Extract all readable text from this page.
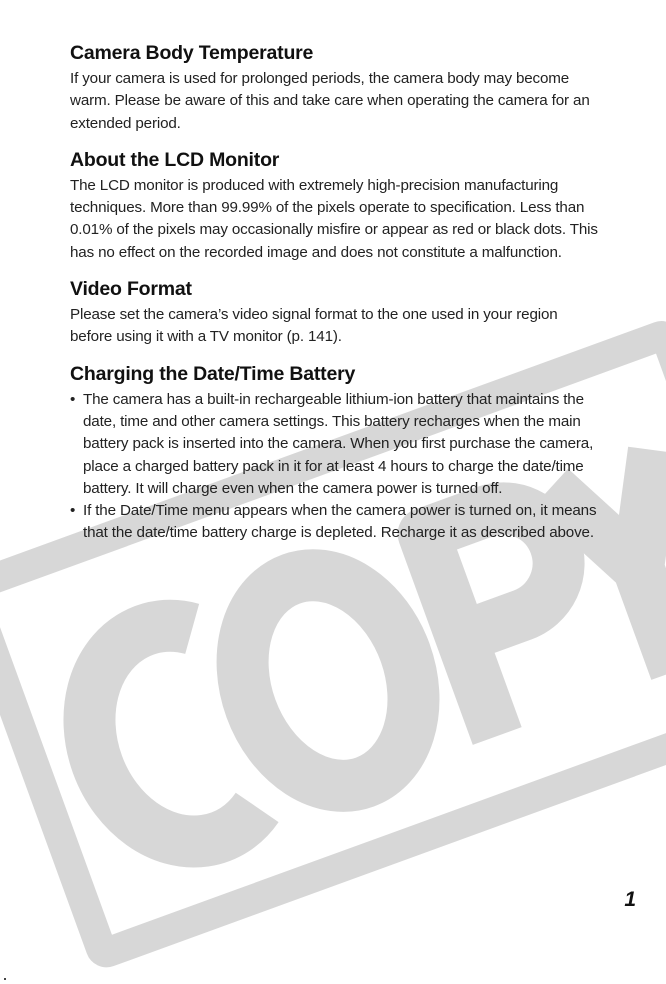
Camera Body Temperature

If your camera is used for prolonged periods, the camera body may become warm. Please be aware of this and take care when operating the camera for an extended period.

About the LCD Monitor

The LCD monitor is produced with extremely high-precision manufacturing techniques. More than 99.99% of the pixels operate to specification. Less than 0.01% of the pixels may occasionally misfire or appear as red or black dots. This has no effect on the recorded image and does not constitute a malfunction.

Video Format

Please set the camera’s video signal format to the one used in your region before using it with a TV monitor (p. 141).

Charging the Date/Time Battery
• The camera has a built-in rechargeable lithium-ion battery that maintains the date, time and other camera settings. This battery recharges when the main battery pack is inserted into the camera. When you first purchase the camera, place a charged battery pack in it for at least 4 hours to charge the date/time battery. It will charge even when the camera power is turned off.
• If the Date/Time menu appears when the camera power is turned on, it means that the date/time battery charge is depleted. Recharge it as described above.
1
